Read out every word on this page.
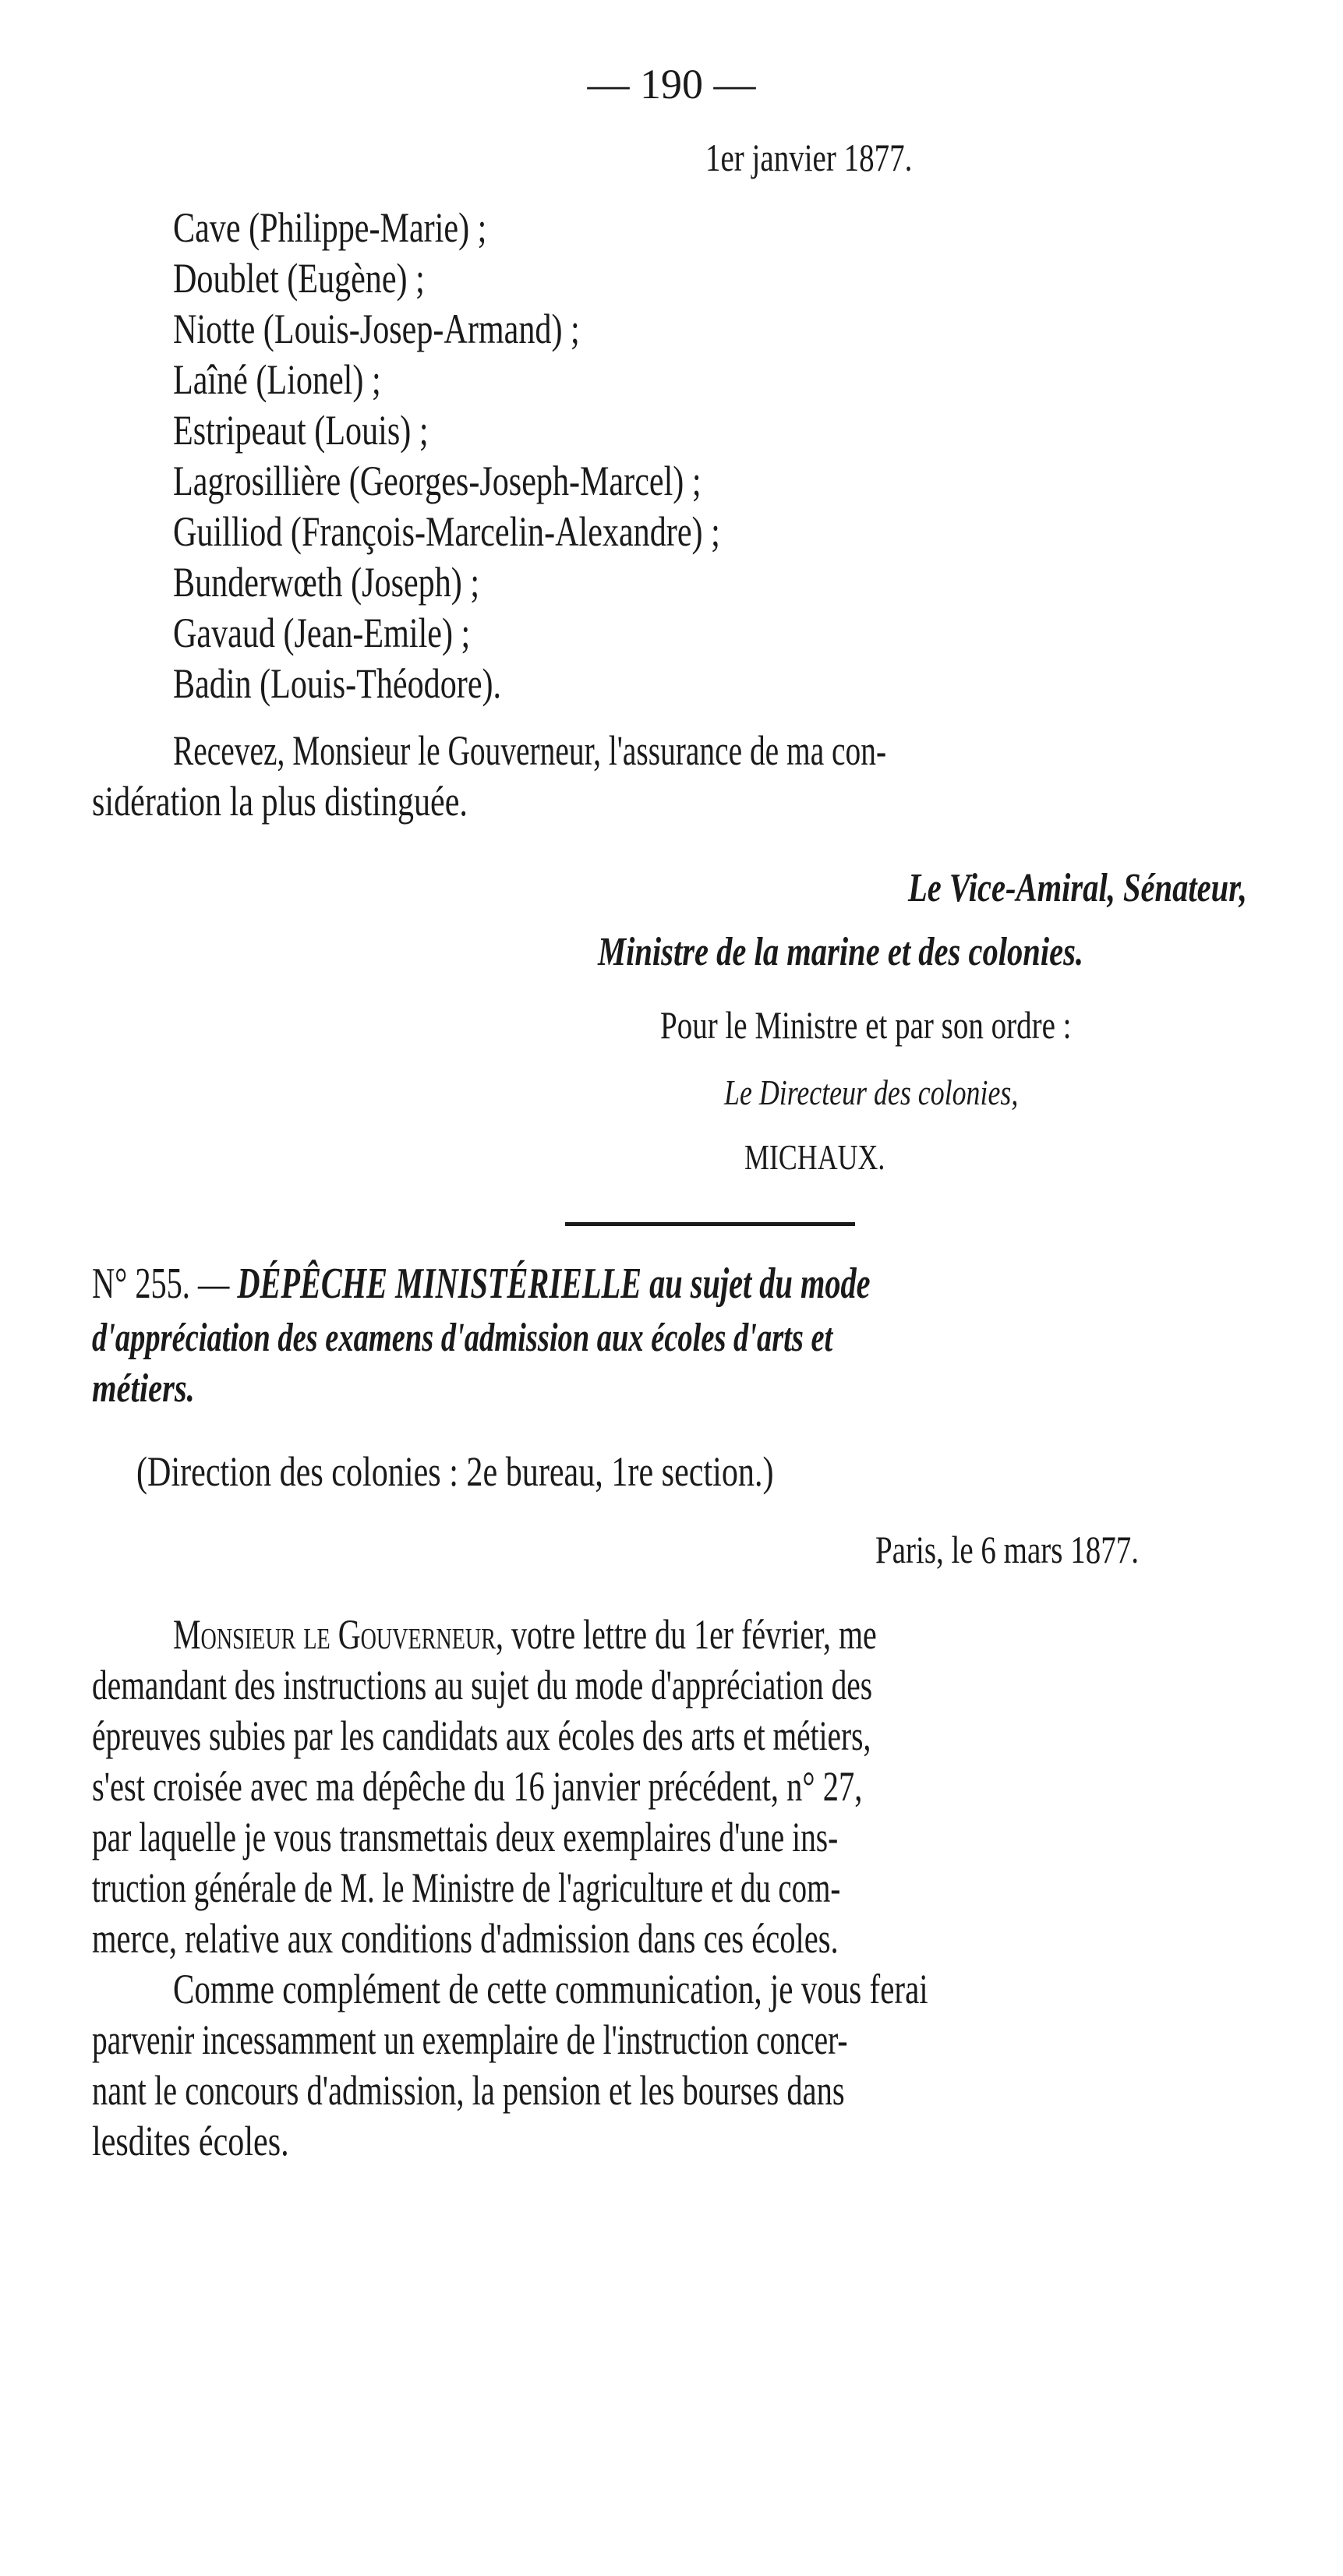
— 190 —
1er janvier 1877.
Cave (Philippe-Marie) ;
Doublet (Eugène) ;
Niotte (Louis-Josep-Armand) ;
Laîné (Lionel) ;
Estripeaut (Louis) ;
Lagrosillière (Georges-Joseph-Marcel) ;
Guilliod (François-Marcelin-Alexandre) ;
Bunderwœth (Joseph) ;
Gavaud (Jean-Emile) ;
Badin (Louis-Théodore).
Recevez, Monsieur le Gouverneur, l'assurance de ma con-
sidération la plus distinguée.
Le Vice-Amiral, Sénateur,
Ministre de la marine et des colonies.
Pour le Ministre et par son ordre :
Le Directeur des colonies,
MICHAUX.
N° 255. — DÉPÊCHE MINISTÉRIELLE au sujet du mode
d'appréciation des examens d'admission aux écoles d'arts et
métiers.
(Direction des colonies : 2e bureau, 1re section.)
Paris, le 6 mars 1877.
Monsieur le Gouverneur, votre lettre du 1er février, me
demandant des instructions au sujet du mode d'appréciation des
épreuves subies par les candidats aux écoles des arts et métiers,
s'est croisée avec ma dépêche du 16 janvier précédent, n° 27,
par laquelle je vous transmettais deux exemplaires d'une ins-
truction générale de M. le Ministre de l'agriculture et du com-
merce, relative aux conditions d'admission dans ces écoles.
Comme complément de cette communication, je vous ferai
parvenir incessamment un exemplaire de l'instruction concer-
nant le concours d'admission, la pension et les bourses dans
lesdites écoles.
